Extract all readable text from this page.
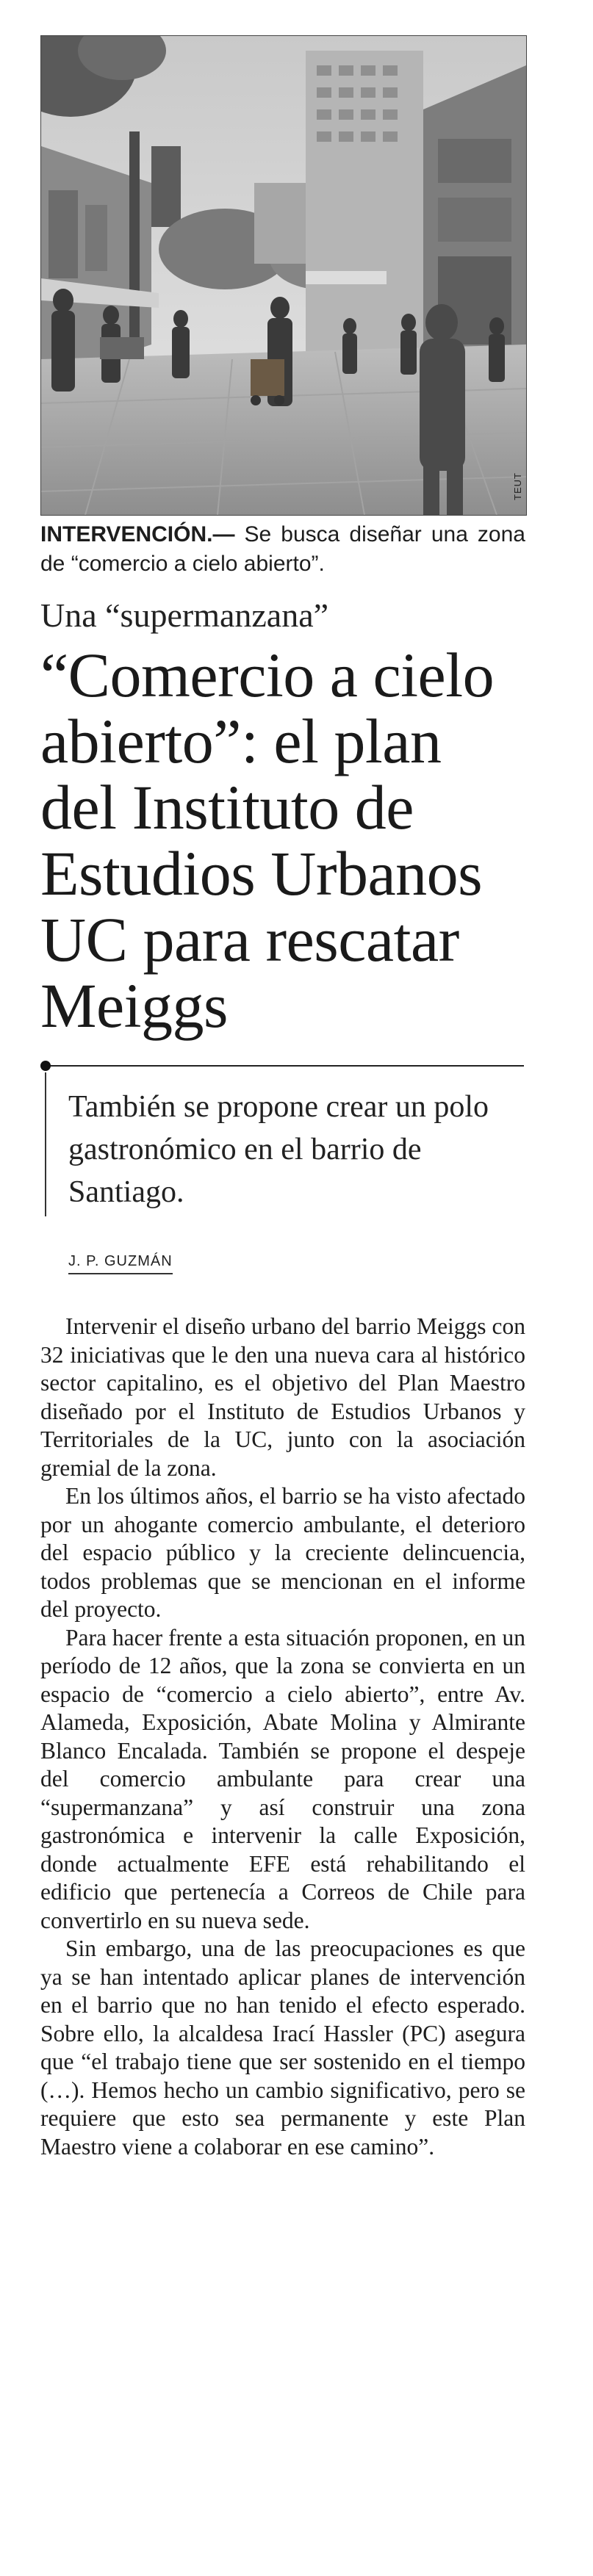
TEUT
INTERVENCIÓN.— Se busca diseñar una zona de “comercio a cielo abierto”.
Una “supermanzana”
“Comercio a cielo abierto”: el plan del Instituto de Estudios Urbanos UC para rescatar Meiggs
También se propone crear un polo gastronómico en el barrio de Santiago.
J. P. GUZMÁN

Intervenir el diseño urbano del barrio Meiggs con 32 iniciativas que le den una nueva cara al histórico sector capitalino, es el objetivo del Plan Maestro diseñado por el Instituto de Estudios Urbanos y Territoriales de la UC, junto con la asociación gremial de la zona.

En los últimos años, el barrio se ha visto afectado por un ahogante comercio ambulante, el deterioro del espacio público y la creciente delincuencia, todos problemas que se mencionan en el informe del proyecto.

Para hacer frente a esta situación proponen, en un período de 12 años, que la zona se convierta en un espacio de “comercio a cielo abierto”, entre Av. Alameda, Exposición, Abate Molina y Almirante Blanco Encalada. También se propone el despeje del comercio ambulante para crear una “supermanzana” y así construir una zona gastronómica e intervenir la calle Exposición, donde actualmente EFE está rehabilitando el edificio que pertenecía a Correos de Chile para convertirlo en su nueva sede.

Sin embargo, una de las preocupaciones es que ya se han intentado aplicar planes de intervención en el barrio que no han tenido el efecto esperado. Sobre ello, la alcaldesa Irací Hassler (PC) asegura que “el trabajo tiene que ser sostenido en el tiempo (…). Hemos hecho un cambio significativo, pero se requiere que esto sea permanente y este Plan Maestro viene a colaborar en ese camino”.
